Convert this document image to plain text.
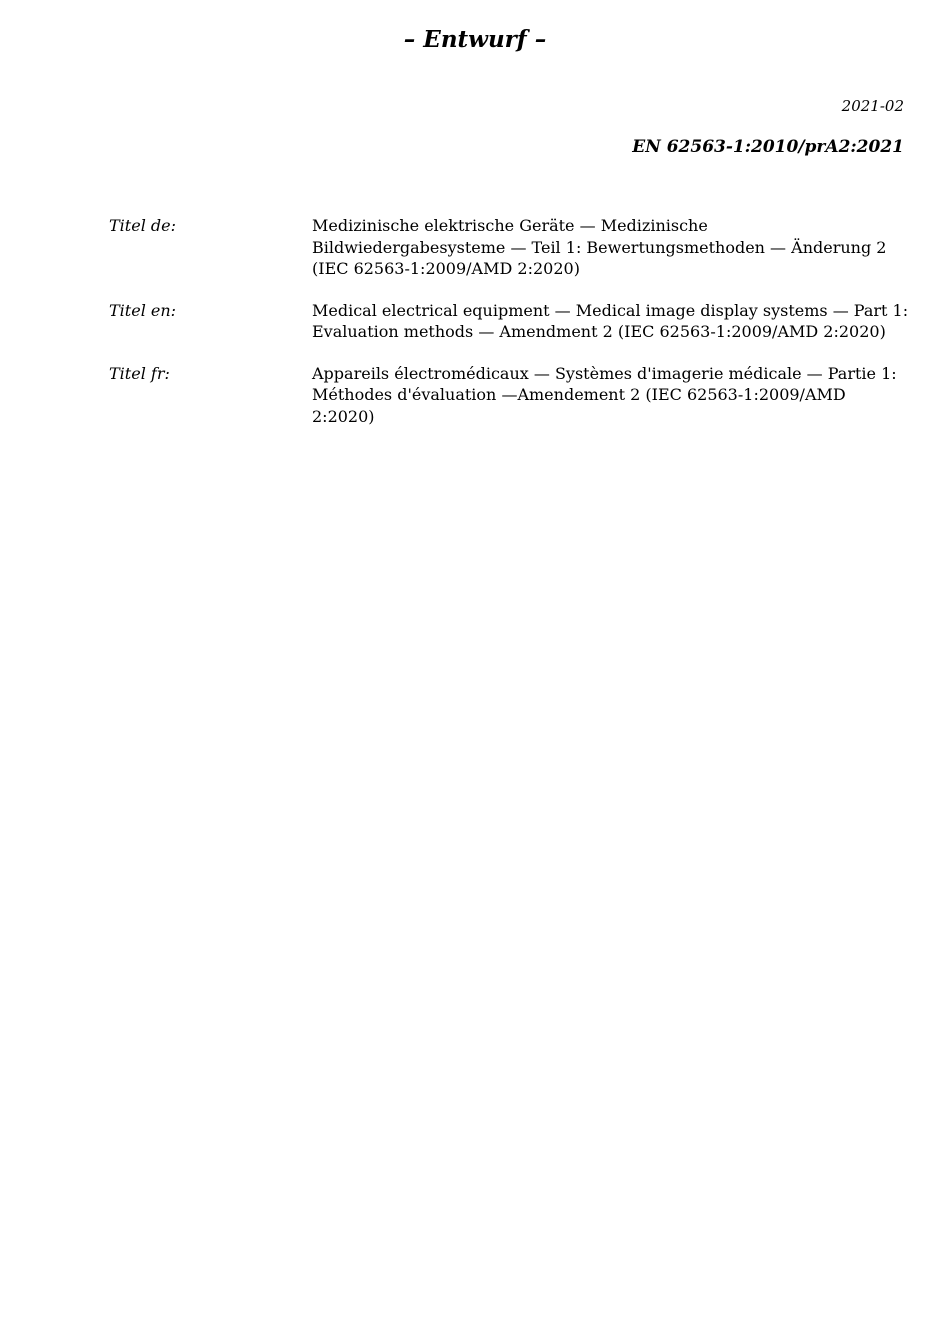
– Entwurf –
2021-02
EN 62563-1:2010/prA2:2021
Titel de:	Medizinische elektrische Geräte — Medizinische
Bildwiedergabesysteme — Teil 1: Bewertungsmethoden — Änderung 2
(IEC 62563-1:2009/AMD 2:2020)
Titel en:	Medical electrical equipment — Medical image display systems — Part 1:
Evaluation methods — Amendment 2 (IEC 62563-1:2009/AMD 2:2020)
Titel fr:	Appareils électromédicaux — Systèmes d'imagerie médicale — Partie 1:
Méthodes d'évaluation —Amendement 2 (IEC 62563-1:2009/AMD 2:2020)
